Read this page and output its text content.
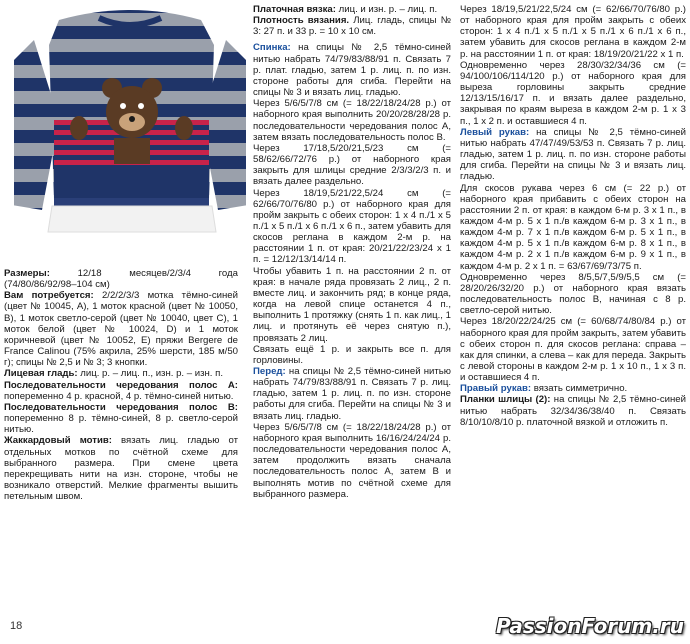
Размеры: 12/18 месяцев/2/3/4 года (74/80/86/92/98–104 см)

Вам потребуется: 2/2/2/3/3 мотка тёмно-синей (цвет № 10045, A), 1 моток красной (цвет № 10050, B), 1 моток светло-серой (цвет № 10040, цвет C), 1 моток белой (цвет № 10024, D) и 1 моток коричневой (цвет № 10052, E) пряжи Bergere de France Calinou (75% акрила, 25% шерсти, 185 м/50 г); спицы № 2,5 и № 3; 3 кнопки.

Лицевая гладь: лиц. р. – лиц. п., изн. р. – изн. п.

Последовательности чередования полос А: попеременно 4 р. красной, 4 р. тёмно-синей нитью.

Последовательности чередования полос В: попеременно 8 р. тёмно-синей, 8 р. светло-серой нитью.

Жаккардовый мотив: вязать лиц. гладью от отдельных мотков по счётной схеме для выбранного размера. При смене цвета перекрещивать нити на изн. стороне, чтобы не возникало отверстий. Мелкие фрагменты вышить петельным швом.

Платочная вязка: лиц. и изн. р. – лиц. п.

Плотность вязания. Лиц. гладь, спицы № 3: 27 п. и 33 р. = 10 х 10 см.

Спинка: на спицы № 2,5 тёмно-синей нитью набрать 74/79/83/88/91 п. Связать 7 р. плат. гладью, затем 1 р. лиц. п. по изн. стороне работы для сгиба. Перейти на спицы № 3 и вязать лиц. гладью.

Через 5/6/5/7/8 см (= 18/22/18/24/28 р.) от наборного края выполнить 20/20/28/28/28 р. последовательности чередования полос A, затем вязать последовательность полос B.

Через 17/18,5/20/21,5/23 см (= 58/62/66/72/76 р.) от наборного края закрыть для шлицы средние 2/3/3/2/3 п. и вязать далее раздельно.

Через 18/19,5/21/22,5/24 см (= 62/66/70/76/80 р.) от наборного края для пройм закрыть с обеих сторон: 1 х 4 п./1 х 5 п./1 х 5 п./1 х 6 п./1 х 6 п., затем убавить для скосов реглана в каждом 2-м р. на расстоянии 1 п. от края: 20/21/22/23/24 х 1 п. = 12/12/13/14/14 п.

Чтобы убавить 1 п. на расстоянии 2 п. от края: в начале ряда провязать 2 лиц., 2 п. вместе лиц. и закончить ряд; в конце ряда, когда на левой спице останется 4 п., выполнить 1 протяжку (снять 1 п. как лиц., 1 лиц. и протянуть её через снятую п.), провязать 2 лиц.

Связать ещё 1 р. и закрыть все п. для горловины.

Перед: на спицы № 2,5 тёмно-синей нитью набрать 74/79/83/88/91 п. Связать 7 р. лиц. гладью, затем 1 р. лиц. п. по изн. стороне работы для сгиба. Перейти на спицы № 3 и вязать лиц. гладью.

Через 5/6/5/7/8 см (= 18/22/18/24/28 р.) от наборного края выполнить 16/16/24/24/24 р. последовательности чередования полос A, затем продолжить вязать сначала последовательность полос A, затем B и выполнять мотив по счётной схеме для выбранного размера.

Через 18/19,5/21/22,5/24 см (= 62/66/70/76/80 р.) от наборного края для пройм закрыть с обеих сторон: 1 х 4 п./1 х 5 п./1 х 5 п./1 х 6 п./1 х 6 п., затем убавить для скосов реглана в каждом 2-м р. на расстоянии 1 п. от края: 18/19/20/21/22 х 1 п.

Одновременно через 28/30/32/34/36 см (= 94/100/106/114/120 р.) от наборного края для выреза горловины закрыть средние 12/13/15/16/17 п. и вязать далее раздельно, закрывая по краям выреза в каждом 2-м р. 1 х 3 п., 1 х 2 п. и оставшиеся 4 п.

Левый рукав: на спицы № 2,5 тёмно-синей нитью набрать 47/47/49/53/53 п. Связать 7 р. лиц. гладью, затем 1 р. лиц. п. по изн. стороне работы для сгиба. Перейти на спицы № 3 и вязать лиц. гладью.

Для скосов рукава через 6 см (= 22 р.) от наборного края прибавить с обеих сторон на расстоянии 2 п. от края: в каждом 6-м р. 3 х 1 п., в каждом 4-м р. 5 х 1 п./в каждом 6-м р. 3 х 1 п., в каждом 4-м р. 7 х 1 п./в каждом 6-м р. 5 х 1 п., в каждом 4-м р. 5 х 1 п./в каждом 6-м р. 8 х 1 п., в каждом 4-м р. 2 х 1 п./в каждом 6-м р. 9 х 1 п., в каждом 4-м р. 2 х 1 п. = 63/67/69/73/75 п.

Одновременно через 8/5,5/7,5/9/5,5 см (= 28/20/26/32/20 р.) от наборного края вязать последовательность полос B, начиная с 8 р. светло-серой нитью.

Через 18/20/22/24/25 см (= 60/68/74/80/84 р.) от наборного края для пройм закрыть, затем убавить с обеих сторон п. для скосов реглана: справа – как для спинки, а слева – как для переда. Закрыть с левой стороны в каждом 2-м р. 1 х 10 п., 1 х 3 п. и оставшиеся 4 п.

Правый рукав: вязать симметрично.

Планки шлицы (2): на спицы № 2,5 тёмно-синей нитью набрать 32/34/36/38/40 п. Связать 8/10/10/8/10 р. платочной вязкой и отложить п.

18	PassionForum.ru
